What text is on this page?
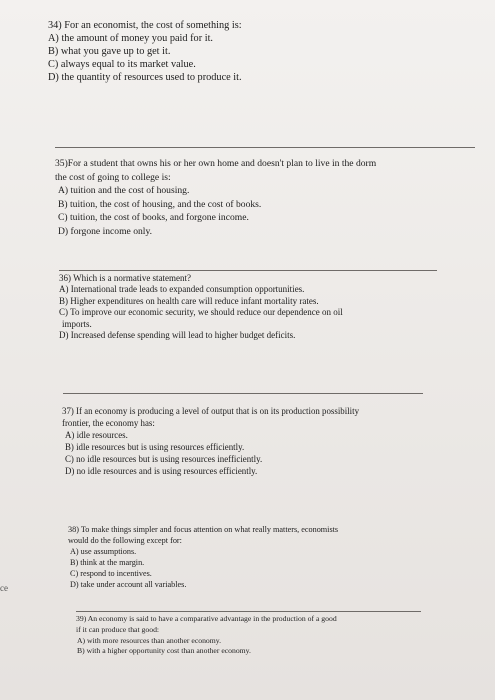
34) For an economist, the cost of something is:
A) the amount of money you paid for it.
B) what you gave up to get it.
C) always equal to its market value.
D) the quantity of resources used to produce it.
35)For a student that owns his or her own home and doesn't plan to live in the dorm
the cost of going to college is:
A) tuition and the cost of housing.
B) tuition, the cost of housing, and the cost of books.
C) tuition, the cost of books, and forgone income.
D) forgone income only.
36) Which is a normative statement?
A) International trade leads to expanded consumption opportunities.
B) Higher expenditures on health care will reduce infant mortality rates.
C) To improve our economic security, we should reduce our dependence on oil
imports.
D) Increased defense spending will lead to higher budget deficits.
37) If an economy is producing a level of output that is on its production possibility
frontier, the economy has:
A) idle resources.
B) idle resources but is using resources efficiently.
C) no idle resources but is using resources inefficiently.
D) no idle resources and is using resources efficiently.
38) To make things simpler and focus attention on what really matters, economists
would do the following except for:
A) use assumptions.
B) think at the margin.
C) respond to incentives.
D) take under account all variables.
39) An economy is said to have a comparative advantage in the production of a good
if it can produce that good:
A) with more resources than another economy.
B) with a higher opportunity cost than another economy.
ce
